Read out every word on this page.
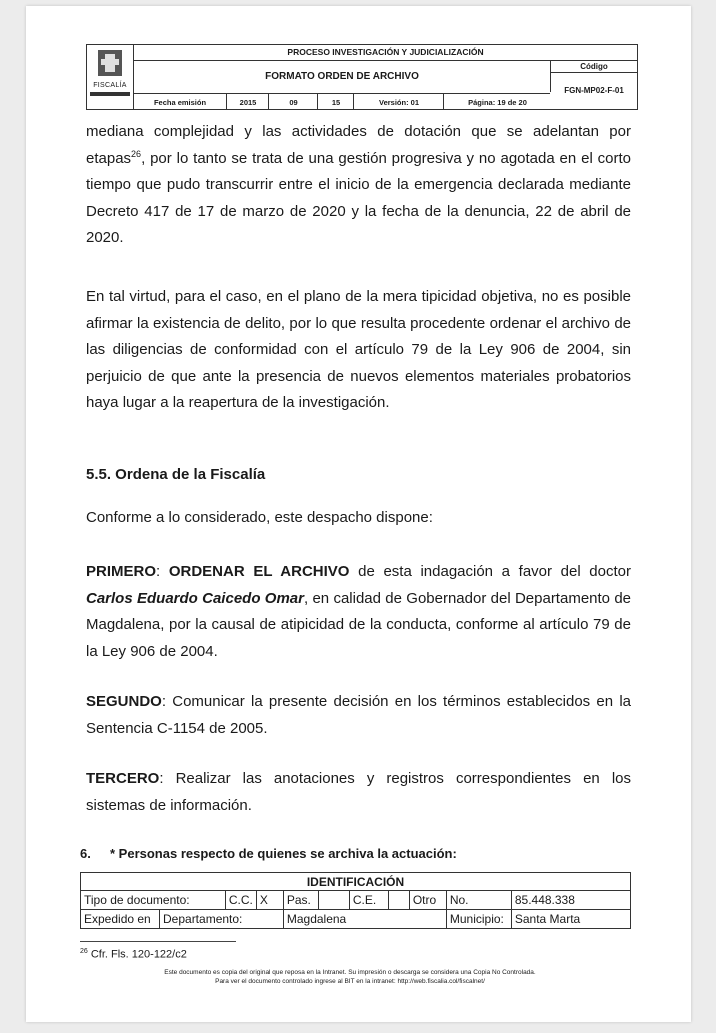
FISCALÍA
PROCESO INVESTIGACIÓN Y JUDICIALIZACIÓN
FORMATO ORDEN DE ARCHIVO
Código
FGN-MP02-F-01
Fecha emisión	2015	09	15	Versión: 01	Página: 19 de 20
mediana complejidad y las actividades de dotación que se adelantan por etapas$^{26}$, por lo tanto se trata de una gestión progresiva y no agotada en el corto tiempo que pudo transcurrir entre el inicio de la emergencia declarada mediante Decreto 417 de 17 de marzo de 2020 y la fecha de la denuncia, 22 de abril de 2020.
En tal virtud, para el caso, en el plano de la mera tipicidad objetiva, no es posible afirmar la existencia de delito, por lo que resulta procedente ordenar el archivo de las diligencias de conformidad con el artículo 79 de la Ley 906 de 2004, sin perjuicio de que ante la presencia de nuevos elementos materiales probatorios haya lugar a la reapertura de la investigación.
5.5. Ordena de la Fiscalía
Conforme a lo considerado, este despacho dispone:
PRIMERO: ORDENAR EL ARCHIVO de esta indagación a favor del doctor Carlos Eduardo Caicedo Omar, en calidad de Gobernador del Departamento de Magdalena, por la causal de atipicidad de la conducta, conforme al artículo 79 de la Ley 906 de 2004.
SEGUNDO: Comunicar la presente decisión en los términos establecidos en la Sentencia C-1154 de 2005.
TERCERO: Realizar las anotaciones y registros correspondientes en los sistemas de información.
6. * Personas respecto de quienes se archiva la actuación:
IDENTIFICACIÓN										
Tipo de documento:		C.C.	X	Pas.		C.E.		Otro	No.	85.448.338
Expedido en	Departamento:			Magdalena					Municipio:	Santa Marta
$^{26}$ Cfr. Fls. 120-122/c2
Este documento es copia del original que reposa en la Intranet. Su impresión o descarga se considera una Copia No Controlada.
Para ver el documento controlado ingrese al BIT en la intranet: http://web.fiscalia.col/fiscalnet/
